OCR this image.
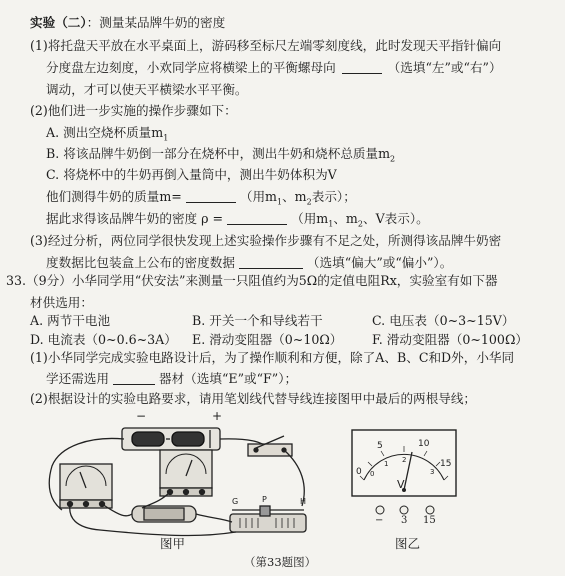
实验（二）：测量某品牌牛奶的密度
(1)将托盘天平放在水平桌面上，游码移至标尺左端零刻度线，此时发现天平指针偏向
分度盘左边刻度，小欢同学应将横梁上的平衡螺母向	（选填“左”或“右”）
调动，才可以使天平横梁水平平衡。
(2)他们进一步实施的操作步骤如下：
A. 测出空烧杯质量$m_1$
B. 将该品牌牛奶倒一部分在烧杯中，测出牛奶和烧杯总质量$m_2$
C. 将烧杯中的牛奶再倒入量筒中，测出牛奶体积为V
他们测得牛奶的质量m=	（用$m_1$、$m_2$表示）；
据此求得该品牌牛奶的密度 ρ =	（用$m_1$、$m_2$、V表示）。
(3)经过分析，两位同学很快发现上述实验操作步骤有不足之处，所测得该品牌牛奶密
度数据比包装盒上公布的密度数据	（选填“偏大”或“偏小”）。
33.（9分）小华同学用“伏安法”来测量一只阻值约为5Ω的定值电阻Rx，实验室有如下器
材供选用：
A. 两节干电池	B. 开关一个和导线若干	C. 电压表（0~3~15V）
D. 电流表（0~0.6~3A） E. 滑动变阻器（0~10Ω） F. 滑动变阻器（0~100Ω）
(1)小华同学完成实验电路设计后，为了操作顺利和方便，除了A、B、C和D外，小华同
学还需选用	器材（选填“E”或“F”）；
(2)根据设计的实验电路要求，请用笔划线代替导线连接图甲中最后的两根导线；
−	+
G	P	H
图甲
0
5	10
15
0
1 2
3
V
− 3 15
图乙
（第33题图）
